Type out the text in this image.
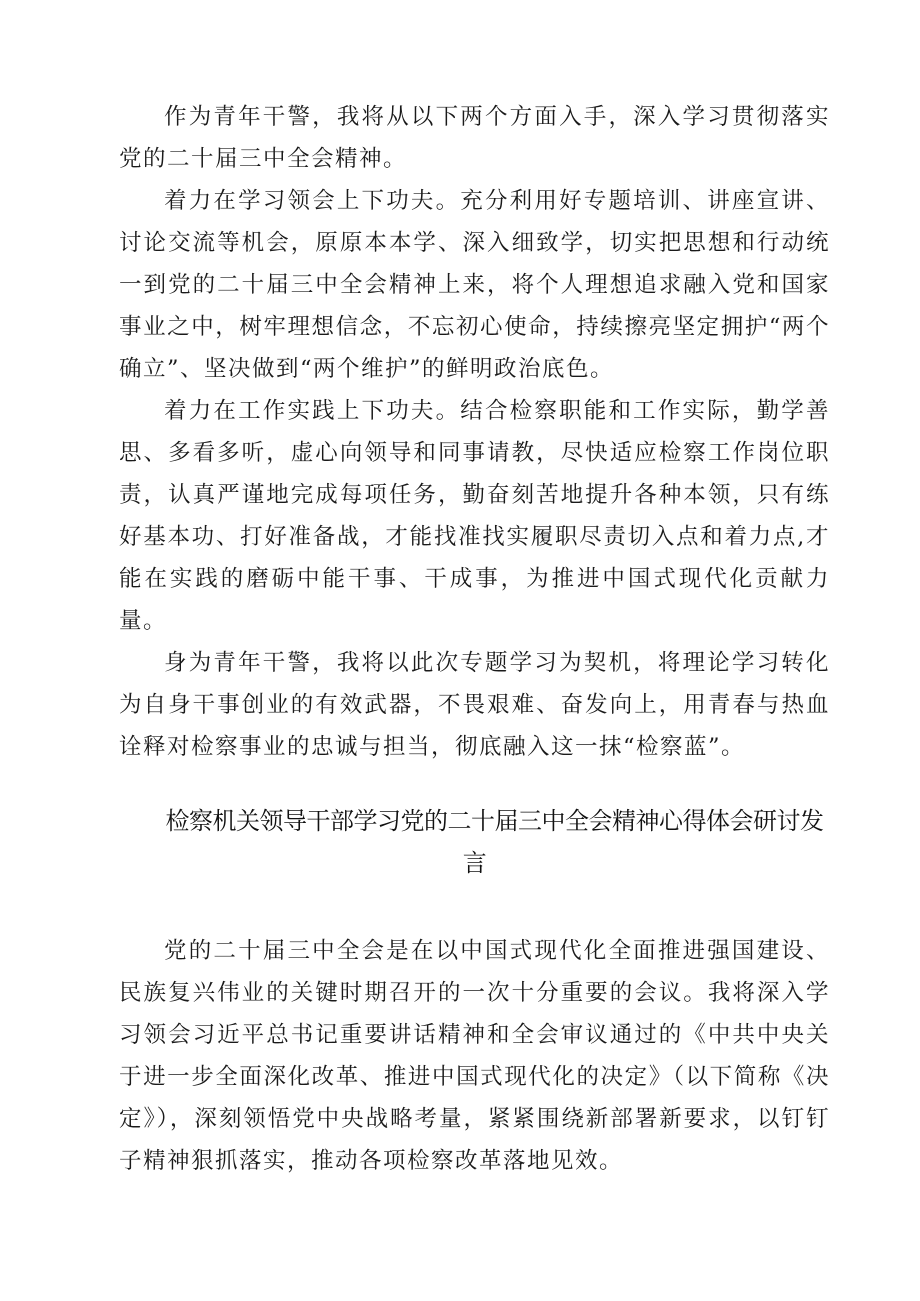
作为青年干警，我将从以下两个方面入手，深入学习贯彻落实党的二十届三中全会精神。

着力在学习领会上下功夫。充分利用好专题培训、讲座宣讲、讨论交流等机会，原原本本学、深入细致学，切实把思想和行动统一到党的二十届三中全会精神上来，将个人理想追求融入党和国家事业之中，树牢理想信念，不忘初心使命，持续擦亮坚定拥护“两个确立”、坚决做到“两个维护”的鲜明政治底色。

着力在工作实践上下功夫。结合检察职能和工作实际，勤学善思、多看多听，虚心向领导和同事请教，尽快适应检察工作岗位职责，认真严谨地完成每项任务，勤奋刻苦地提升各种本领，只有练好基本功、打好准备战，才能找准找实履职尽责切入点和着力点,才能在实践的磨砺中能干事、干成事，为推进中国式现代化贡献力量。

身为青年干警，我将以此次专题学习为契机，将理论学习转化为自身干事创业的有效武器，不畏艰难、奋发向上，用青春与热血诠释对检察事业的忠诚与担当，彻底融入这一抹“检察蓝”。

检察机关领导干部学习党的二十届三中全会精神心得体会研讨发言

党的二十届三中全会是在以中国式现代化全面推进强国建设、民族复兴伟业的关键时期召开的一次十分重要的会议。我将深入学习领会习近平总书记重要讲话精神和全会审议通过的《中共中央关于进一步全面深化改革、推进中国式现代化的决定》（以下简称《决定》），深刻领悟党中央战略考量，紧紧围绕新部署新要求，以钉钉子精神狠抓落实，推动各项检察改革落地见效。
